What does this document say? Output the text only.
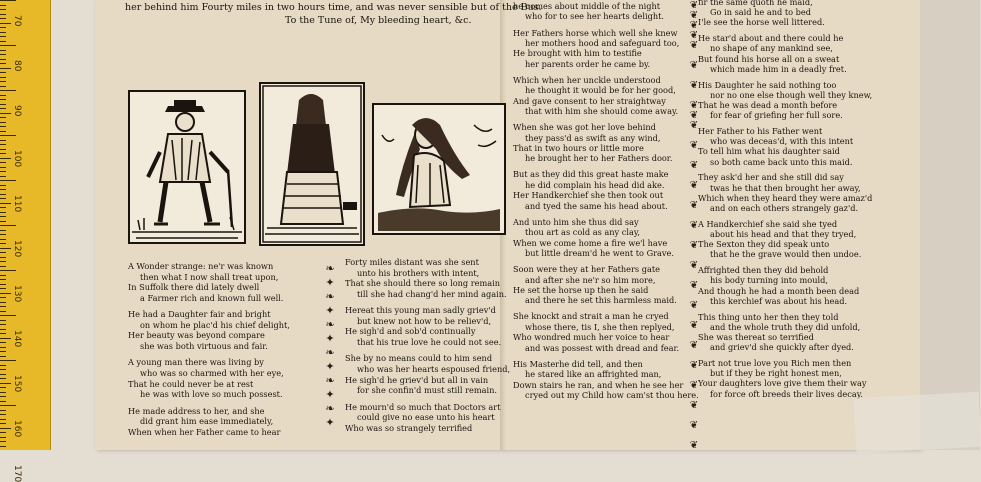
70
80
90
100
110
120
130
140
150
160
170
her behind him Fourty miles in two hours time, and was never sensible but of the Bus.
To the Tune of, My bleeding heart, &c.
❧
✦
❧
✦
❧
✦
❧
✦
❧
✦
❧
✦
A Wonder strange: ne'r was known
then what I now shall treat upon,
In Suffolk there did lately dwell
a Farmer rich and known full well.
He had a Daughter fair and bright
on whom he plac'd his chief delight,
Her beauty was beyond compare
she was both virtuous and fair.
A young man there was living by
who was so charmed with her eye,
That he could never be at rest
he was with love so much possest.
He made address to her, and she
did grant him ease immediately,
When when her Father came to hear
Forty miles distant was she sent
unto his brothers with intent,
That she should there so long remain
till she had chang'd her mind again.
Hereat this young man sadly griev'd
but knew not how to be reliev'd,
He sigh'd and sob'd continually
that his true love he could not see.
She by no means could to him send
who was her hearts espoused friend,
He sigh'd he griev'd but all in vain
for she confin'd must still remain.
He mourn'd so much that Doctors art
could give no ease unto his heart
Who was so strangely terrified
he comes about middle of the night
who for to see her hearts delight.
Her Fathers horse which well she knew
her mothers hood and safeguard too,
He brought with him to testifie
her parents order he came by.
Which when her unckle understood
he thought it would be for her good,
And gave consent to her straightway
that with him she should come away.
When she was got her love behind
they pass'd as swift as any wind,
That in two hours or little more
he brought her to her Fathers door.
But as they did this great haste make
he did complain his head did ake.
Her Handkerchief she then took out
and tyed the same his head about.
And unto him she thus did say
thou art as cold as any clay,
When we come home a fire we'l have
but little dream'd he went to Grave.
Soon were they at her Fathers gate
and after she ne'r so him more,
He set the horse up then he said
and there he set this harmless maid.
She knockt and strait a man he cryed
whose there, tis I, she then replyed,
Who wondred much her voice to hear
and was possest with dread and fear.
His Masterhe did tell, and then
he stared like an affrighted man,
Down stairs he ran, and when he see her
cryed out my Child how cam'st thou here.
fir the same quoth he maid,
Go in said he and to bed
I'le see the horse well littered.
He star'd about and there could he
no shape of any mankind see,
But found his horse all on a sweat
which made him in a deadly fret.
His Daughter he said nothing too
nor no one else though well they knew,
That he was dead a month before
for fear of griefing her full sore.
Her Father to his Father went
who was deceas'd, with this intent
To tell him what his daughter said
so both came back unto this maid.
They ask'd her and she still did say
twas he that then brought her away,
Which when they heard they were amaz'd
and on each others strangely gaz'd.
A Handkerchief she said she tyed
about his head and that they tryed,
The Sexton they did speak unto
that he the grave would then undoe.
Affrighted then they did behold
his body turning into mould,
And though he had a month been dead
this kerchief was about his head.
This thing unto her then they told
and the whole truth they did unfold,
She was thereat so terrified
and griev'd she quickly after dyed.
Part not true love you Rich men then
but if they be right honest men,
Your daughters love give them their way
for force oft breeds their lives decay.
❦
❦
❦
❦
❦
❦
❦
❦
❦
❦
❦
❦
❦
❦
❦
❦
❦
❦
❦
❦
❦
❦
❦
❦
❦
❦
